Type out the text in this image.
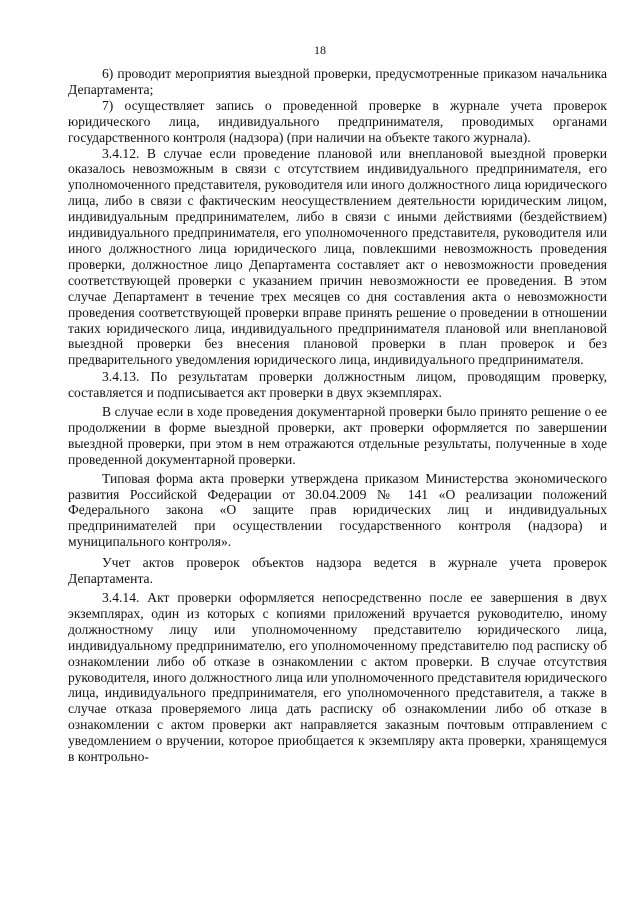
18

6) проводит мероприятия выездной проверки, предусмотренные приказом начальника Департамента;

7) осуществляет запись о проведенной проверке в журнале учета проверок юридического лица, индивидуального предпринимателя, проводимых органами государственного контроля (надзора) (при наличии на объекте такого журнала).

3.4.12. В случае если проведение плановой или внеплановой выездной проверки оказалось невозможным в связи с отсутствием индивидуального предпринимателя, его уполномоченного представителя, руководителя или иного должностного лица юридического лица, либо в связи с фактическим неосуществлением деятельности юридическим лицом, индивидуальным предпринимателем, либо в связи с иными действиями (бездействием) индивидуального предпринимателя, его уполномоченного представителя, руководителя или иного должностного лица юридического лица, повлекшими невозможность проведения проверки, должностное лицо Департамента составляет акт о невозможности проведения соответствующей проверки с указанием причин невозможности ее проведения. В этом случае Департамент в течение трех месяцев со дня составления акта о невозможности проведения соответствующей проверки вправе принять решение о проведении в отношении таких юридического лица, индивидуального предпринимателя плановой или внеплановой выездной проверки без внесения плановой проверки в план проверок и без предварительного уведомления юридического лица, индивидуального предпринимателя.

3.4.13. По результатам проверки должностным лицом, проводящим проверку, составляется и подписывается акт проверки в двух экземплярах.

В случае если в ходе проведения документарной проверки было принято решение о ее продолжении в форме выездной проверки, акт проверки оформляется по завершении выездной проверки, при этом в нем отражаются отдельные результаты, полученные в ходе проведенной документарной проверки.

Типовая форма акта проверки утверждена приказом Министерства экономического развития Российской Федерации от 30.04.2009 № 141 «О реализации положений Федерального закона «О защите прав юридических лиц и индивидуальных предпринимателей при осуществлении государственного контроля (надзора) и муниципального контроля».

Учет актов проверок объектов надзора ведется в журнале учета проверок Департамента.

3.4.14. Акт проверки оформляется непосредственно после ее завершения в двух экземплярах, один из которых с копиями приложений вручается руководителю, иному должностному лицу или уполномоченному представителю юридического лица, индивидуальному предпринимателю, его уполномоченному представителю под расписку об ознакомлении либо об отказе в ознакомлении с актом проверки. В случае отсутствия руководителя, иного должностного лица или уполномоченного представителя юридического лица, индивидуального предпринимателя, его уполномоченного представителя, а также в случае отказа проверяемого лица дать расписку об ознакомлении либо об отказе в ознакомлении с актом проверки акт направляется заказным почтовым отправлением с уведомлением о вручении, которое приобщается к экземпляру акта проверки, хранящемуся в контрольно-
